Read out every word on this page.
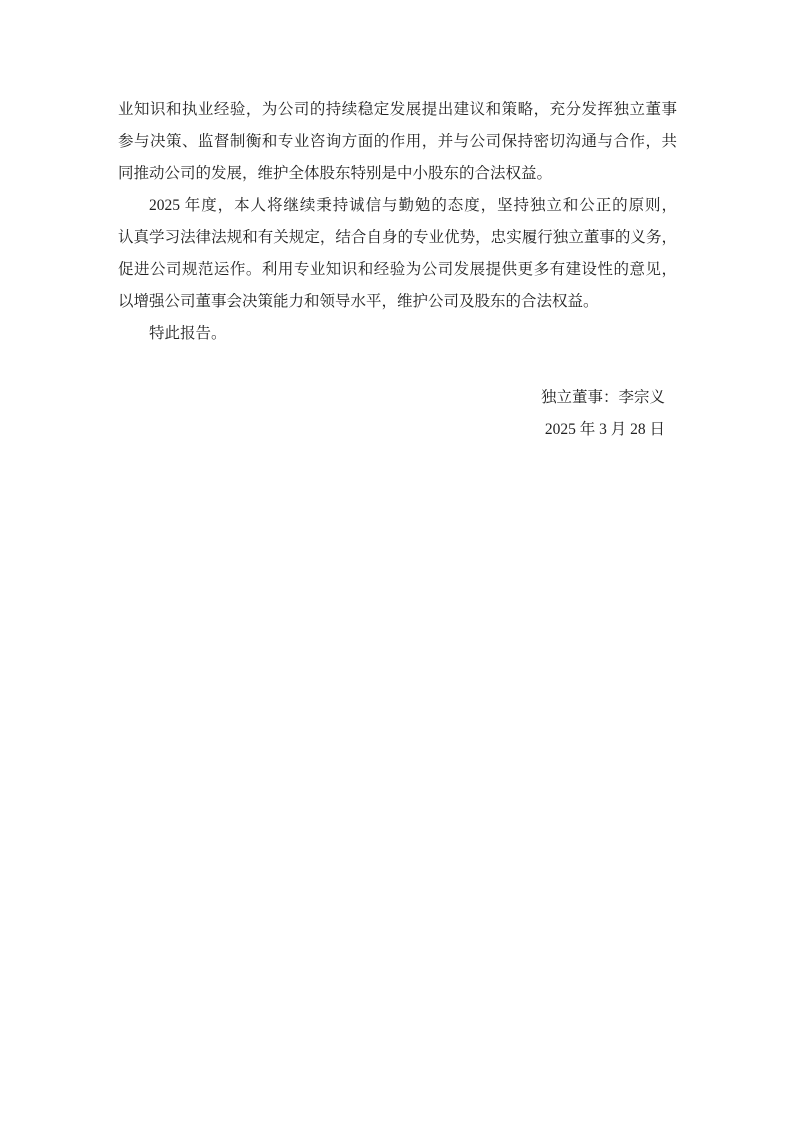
业知识和执业经验，为公司的持续稳定发展提出建议和策略，充分发挥独立董事
参与决策、监督制衡和专业咨询方面的作用，并与公司保持密切沟通与合作，共
同推动公司的发展，维护全体股东特别是中小股东的合法权益。
2025 年度，本人将继续秉持诚信与勤勉的态度，坚持独立和公正的原则，
认真学习法律法规和有关规定，结合自身的专业优势，忠实履行独立董事的义务，
促进公司规范运作。利用专业知识和经验为公司发展提供更多有建设性的意见，
以增强公司董事会决策能力和领导水平，维护公司及股东的合法权益。
特此报告。
独立董事：李宗义
2025 年 3 月 28 日
